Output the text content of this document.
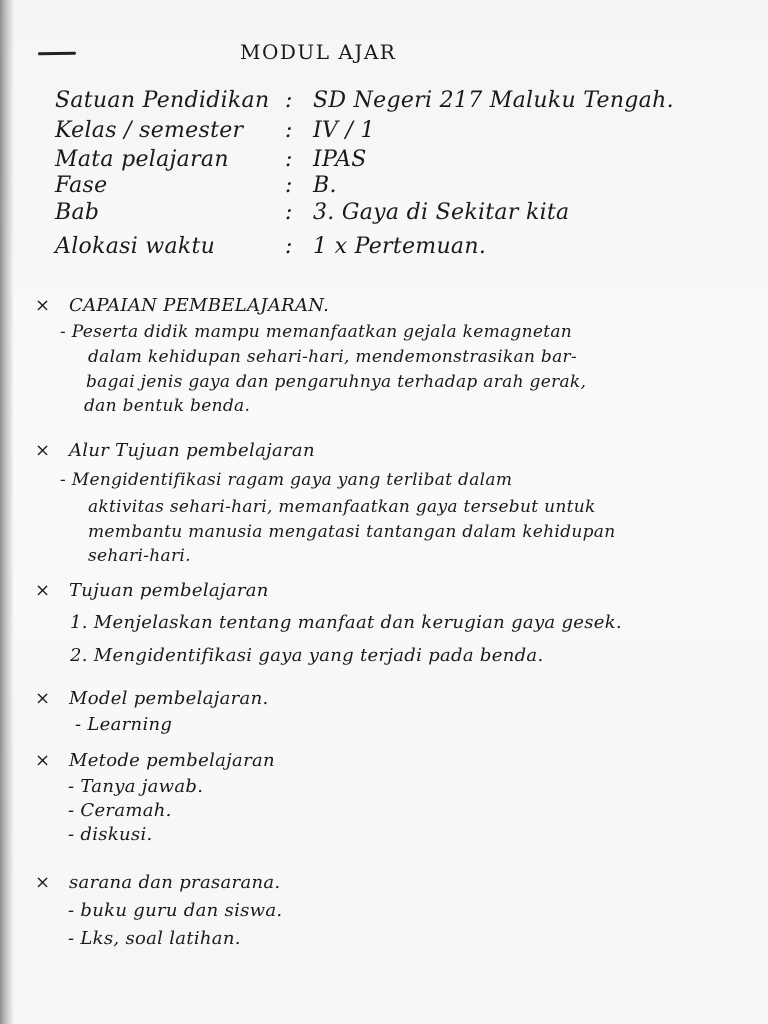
MODUL AJAR
Satuan Pendidikan : SD Negeri 217 Maluku Tengah.
Kelas / semester : IV / 1
Mata pelajaran	: IPAS
Fase	: B.
Bab	: 3. Gaya di Sekitar kita
Alokasi waktu	: 1 x Pertemuan.
× CAPAIAN PEMBELAJARAN.
- Peserta didik mampu memanfaatkan gejala kemagnetan
dalam kehidupan sehari-hari, mendemonstrasikan bar-
bagai jenis gaya dan pengaruhnya terhadap arah gerak,
dan bentuk benda.
× Alur Tujuan pembelajaran
- Mengidentifikasi ragam gaya yang terlibat dalam
aktivitas sehari-hari, memanfaatkan gaya tersebut untuk
membantu manusia mengatasi tantangan dalam kehidupan
sehari-hari.
× Tujuan pembelajaran
1. Menjelaskan tentang manfaat dan kerugian gaya gesek.
2. Mengidentifikasi gaya yang terjadi pada benda.
× Model pembelajaran.
- Learning
× Metode pembelajaran
- Tanya jawab.
- Ceramah.
- diskusi.
× sarana dan prasarana.
- buku guru dan siswa.
- Lks, soal latihan.
